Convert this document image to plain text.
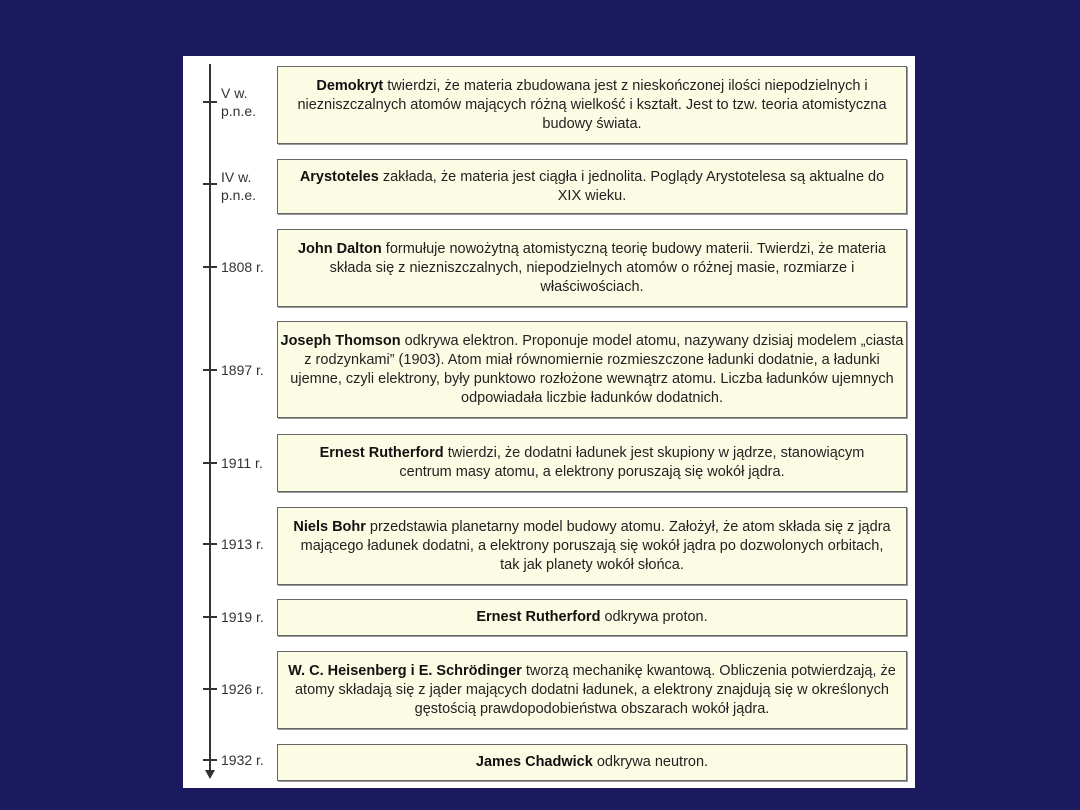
V w. p.n.e.

Demokryt twierdzi, że materia zbudowana jest z nieskończonej ilości niepodzielnych i niezniszczalnych atomów mających różną wielkość i kształt. Jest to tzw. teoria atomistyczna budowy świata.

IV w. p.n.e.

Arystoteles zakłada, że materia jest ciągła i jednolita. Poglądy Arystotelesa są aktualne do XIX wieku.

1808 r.

John Dalton formułuje nowożytną atomistyczną teorię budowy materii. Twierdzi, że materia składa się z niezniszczalnych, niepodzielnych atomów o różnej masie, rozmiarze i właściwościach.

1897 r.

Joseph Thomson odkrywa elektron. Proponuje model atomu, nazywany dzisiaj modelem „ciasta z rodzynkami” (1903). Atom miał równomiernie rozmieszczone ładunki dodatnie, a ładunki ujemne, czyli elektrony, były punktowo rozłożone wewnątrz atomu. Liczba ładunków ujemnych odpowiadała liczbie ładunków dodatnich.

1911 r.

Ernest Rutherford twierdzi, że dodatni ładunek jest skupiony w jądrze, stanowiącym centrum masy atomu, a elektrony poruszają się wokół jądra.

1913 r.

Niels Bohr przedstawia planetarny model budowy atomu. Założył, że atom składa się z jądra mającego ładunek dodatni, a elektrony poruszają się wokół jądra po dozwolonych orbitach, tak jak planety wokół słońca.

1919 r.	Ernest Rutherford odkrywa proton.

1926 r.

W. C. Heisenberg i E. Schrödinger tworzą mechanikę kwantową. Obliczenia potwierdzają, że atomy składają się z jąder mających dodatni ładunek, a elektrony znajdują się w określonych gęstością prawdopodobieństwa obszarach wokół jądra.

1932 r.	James Chadwick odkrywa neutron.
